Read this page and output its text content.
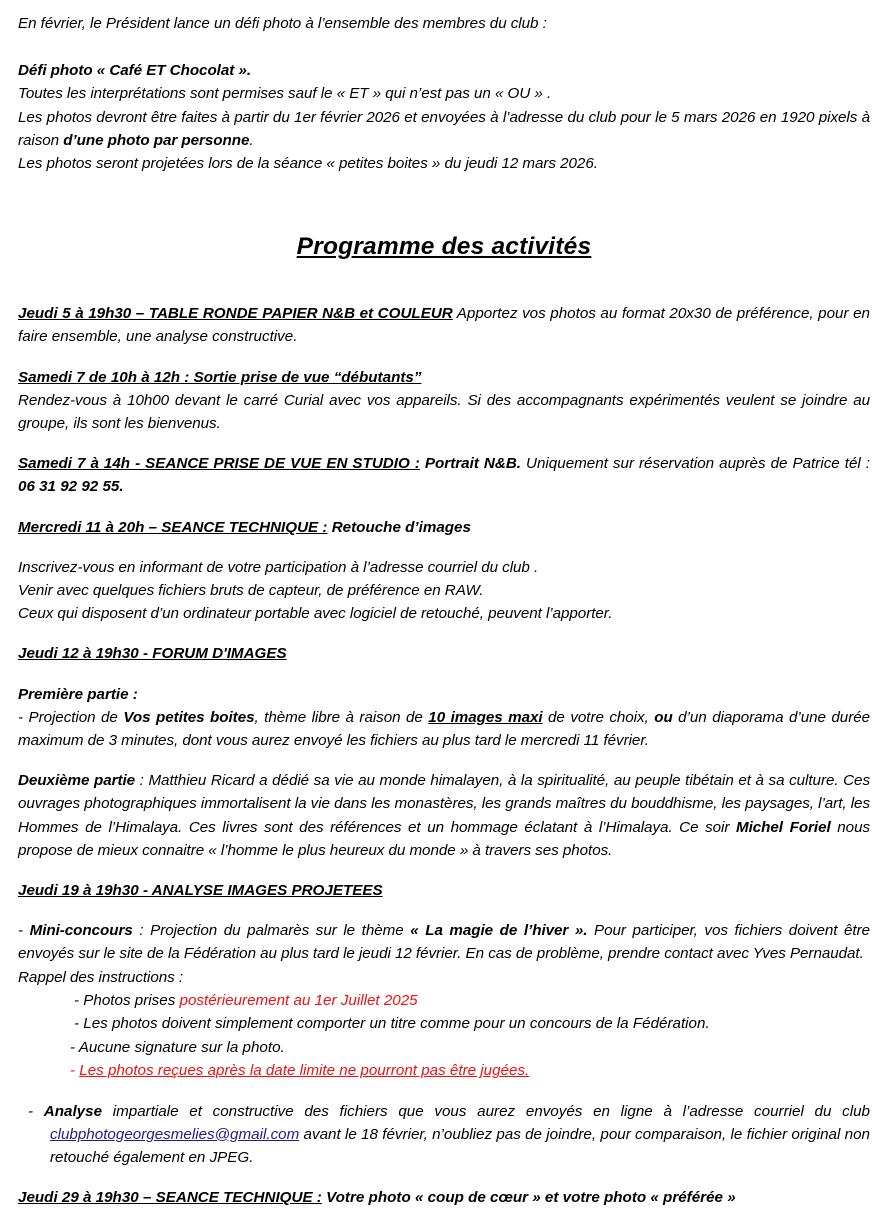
En février, le Président lance un défi photo à l’ensemble des membres du club :

Défi photo « Café ET Chocolat ».

Toutes les interprétations sont permises sauf le « ET » qui n’est pas un « OU » .

Les photos devront être faites à partir du 1er février 2026 et envoyées à l’adresse du club pour le 5 mars 2026 en 1920 pixels à raison d’une photo par personne.

Les photos seront projetées lors de la séance « petites boites » du jeudi 12 mars 2026.

Programme des activités

Jeudi 5 à 19h30 – TABLE RONDE PAPIER N&B et COULEUR Apportez vos photos au format 20x30 de préférence, pour en faire ensemble, une analyse constructive.

Samedi 7 de 10h à 12h : Sortie prise de vue “débutants”

Rendez-vous à 10h00 devant le carré Curial avec vos appareils. Si des accompagnants expérimentés veulent se joindre au groupe, ils sont les bienvenus.

Samedi 7 à 14h - SEANCE PRISE DE VUE EN STUDIO : Portrait N&B. Uniquement sur réservation auprès de Patrice tél : 06 31 92 92 55.

Mercredi 11 à 20h – SEANCE TECHNIQUE : Retouche d’images

Inscrivez-vous en informant de votre participation à l’adresse courriel du club .

Venir avec quelques fichiers bruts de capteur, de préférence en RAW.

Ceux qui disposent d’un ordinateur portable avec logiciel de retouché, peuvent l’apporter.

Jeudi 12 à 19h30 - FORUM D'IMAGES

Première partie :

- Projection de Vos petites boites, thème libre à raison de 10 images maxi de votre choix, ou d’un diaporama d’une durée maximum de 3 minutes, dont vous aurez envoyé les fichiers au plus tard le mercredi 11 février.

Deuxième partie : Matthieu Ricard a dédié sa vie au monde himalayen, à la spiritualité, au peuple tibétain et à sa culture. Ces ouvrages photographiques immortalisent la vie dans les monastères, les grands maîtres du bouddhisme, les paysages, l’art, les Hommes de l’Himalaya. Ces livres sont des références et un hommage éclatant à l’Himalaya. Ce soir Michel Foriel nous propose de mieux connaitre « l’homme le plus heureux du monde » à travers ses photos.

Jeudi 19 à 19h30 - ANALYSE IMAGES PROJETEES

- Mini-concours : Projection du palmarès sur le thème « La magie de l’hiver ». Pour participer, vos fichiers doivent être envoyés sur le site de la Fédération au plus tard le jeudi 12 février. En cas de problème, prendre contact avec Yves Pernaudat.

Rappel des instructions :

- Photos prises postérieurement au 1er Juillet 2025
- Les photos doivent simplement comporter un titre comme pour un concours de la Fédération.
- Aucune signature sur la photo.
- Les photos reçues après la date limite ne pourront pas être jugées.

- Analyse impartiale et constructive des fichiers que vous aurez envoyés en ligne à l’adresse courriel du club clubphotogeorgesmelies@gmail.com avant le 18 février, n’oubliez pas de joindre, pour comparaison, le fichier original non retouché également en JPEG.

Jeudi 29 à 19h30 – SEANCE TECHNIQUE : Votre photo « coup de cœur » et votre photo « préférée »
